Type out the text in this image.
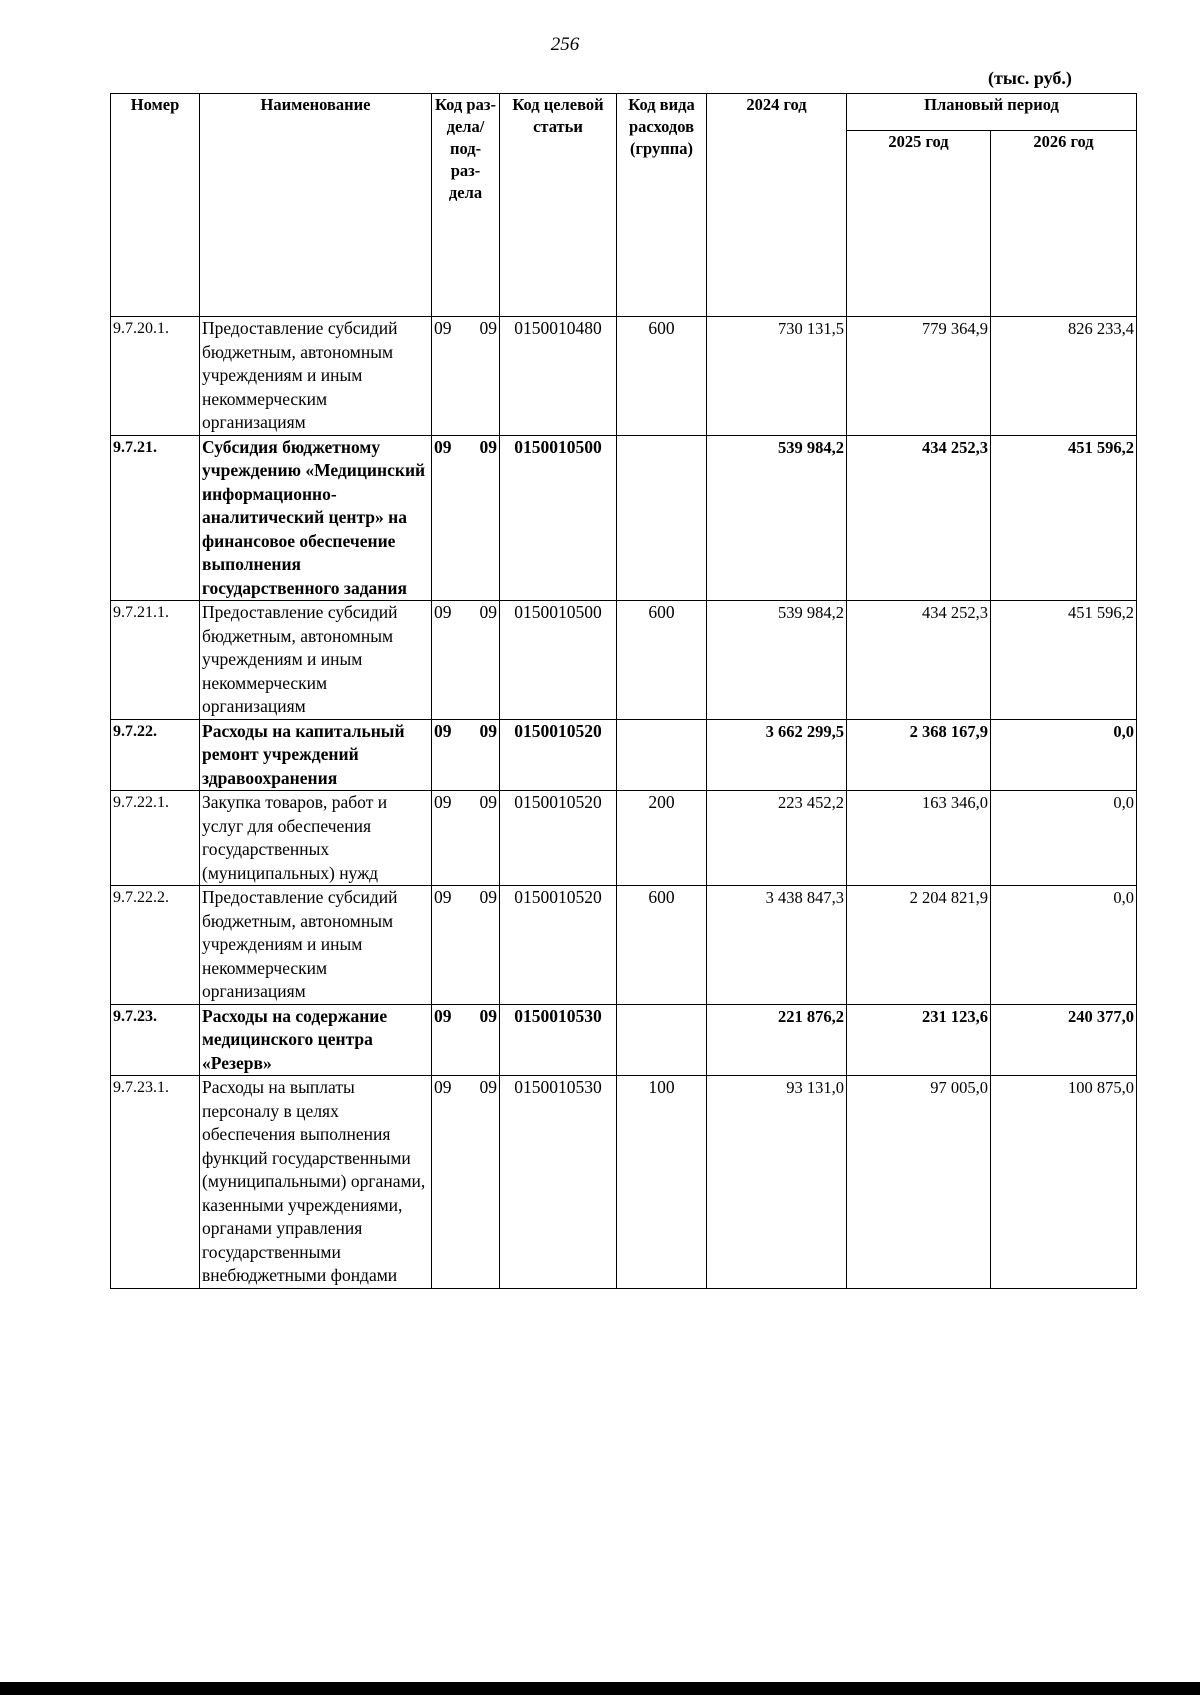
256
(тыс. руб.)
Номер	Наименование	Код раз- дела/ под- раз- дела	Код целевой статьи	Код вида расходов (группа)	2024 год	Плановый период	
						2025 год	2026 год
9.7.20.1.	Предоставление субсидий бюджетным, автономным учреждениям и иным некоммерческим организациям	09 09	0150010480	600	730 131,5	779 364,9	826 233,4
9.7.21.	Субсидия бюджетному учреждению «Медицинский информационно-аналитический центр» на финансовое обеспечение выполнения государственного задания	09 09	0150010500		539 984,2	434 252,3	451 596,2
9.7.21.1.	Предоставление субсидий бюджетным, автономным учреждениям и иным некоммерческим организациям	09 09	0150010500	600	539 984,2	434 252,3	451 596,2
9.7.22.	Расходы на капитальный ремонт учреждений здравоохранения	09 09	0150010520		3 662 299,5	2 368 167,9	0,0
9.7.22.1.	Закупка товаров, работ и услуг для обеспечения государственных (муниципальных) нужд	09 09	0150010520	200	223 452,2	163 346,0	0,0
9.7.22.2.	Предоставление субсидий бюджетным, автономным учреждениям и иным некоммерческим организациям	09 09	0150010520	600	3 438 847,3	2 204 821,9	0,0
9.7.23.	Расходы на содержание медицинского центра «Резерв»	09 09	0150010530		221 876,2	231 123,6	240 377,0
9.7.23.1.	Расходы на выплаты персоналу в целях обеспечения выполнения функций государственными (муниципальными) органами, казенными учреждениями, органами управления государственными внебюджетными фондами	09 09	0150010530	100	93 131,0	97 005,0	100 875,0
